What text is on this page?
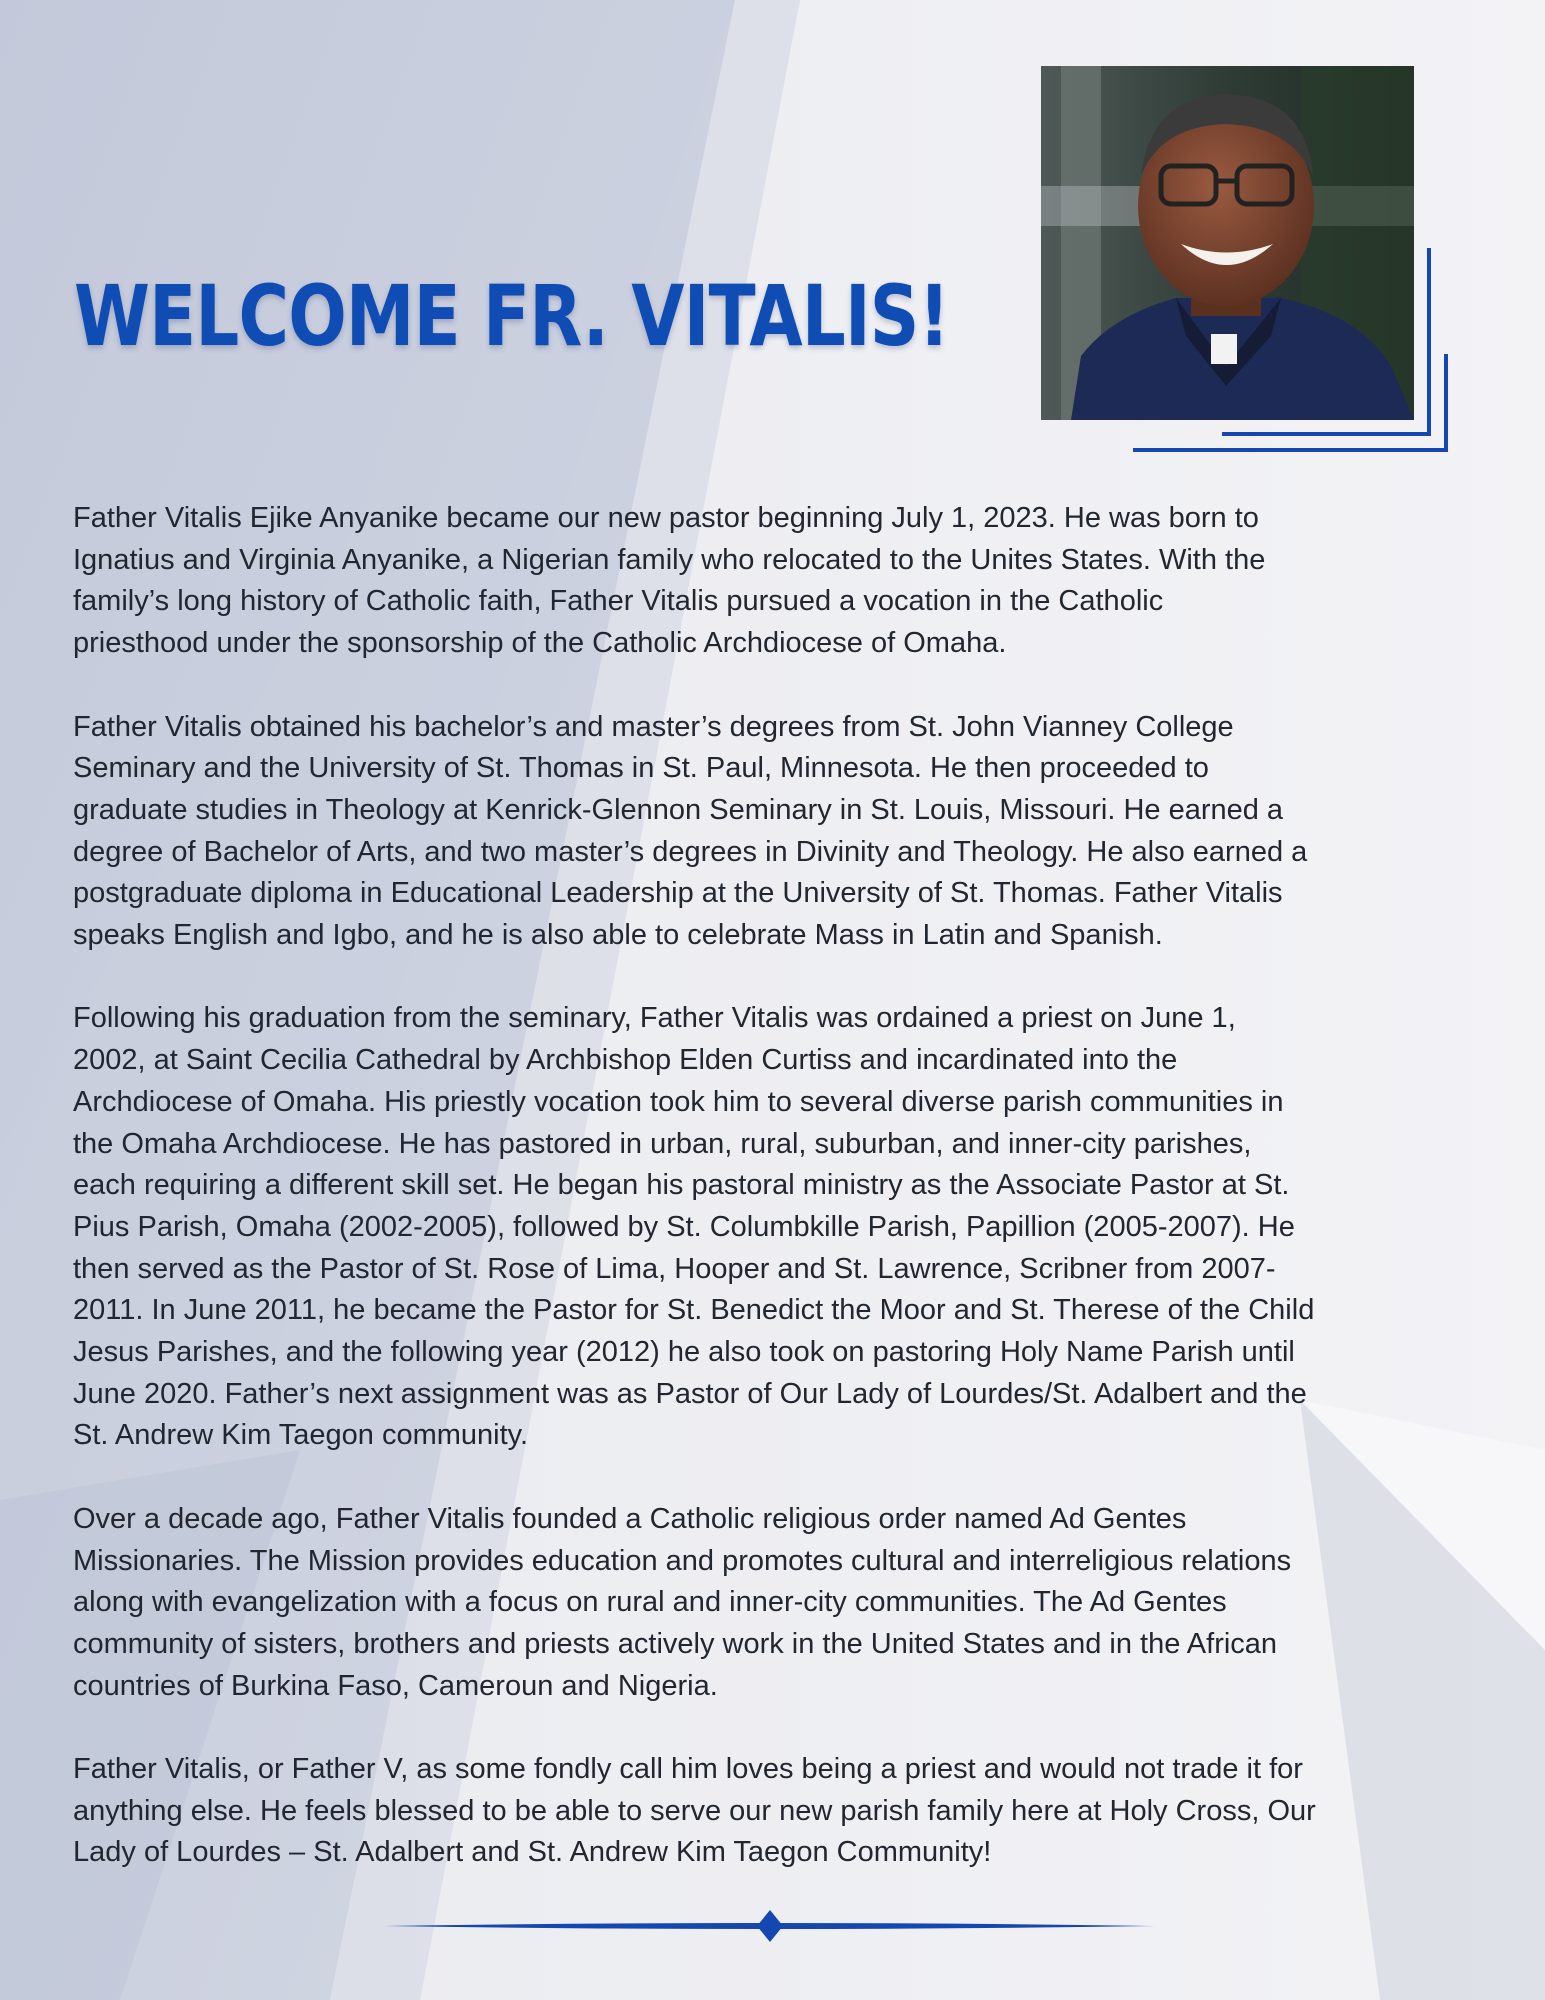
WELCOME FR. VITALIS!

Father Vitalis Ejike Anyanike became our new pastor beginning July 1, 2023. He was born to
Ignatius and Virginia Anyanike, a Nigerian family who relocated to the Unites States. With the
family’s long history of Catholic faith, Father Vitalis pursued a vocation in the Catholic
priesthood under the sponsorship of the Catholic Archdiocese of Omaha.

Father Vitalis obtained his bachelor’s and master’s degrees from St. John Vianney College
Seminary and the University of St. Thomas in St. Paul, Minnesota. He then proceeded to
graduate studies in Theology at Kenrick-Glennon Seminary in St. Louis, Missouri. He earned a
degree of Bachelor of Arts, and two master’s degrees in Divinity and Theology. He also earned a
postgraduate diploma in Educational Leadership at the University of St. Thomas. Father Vitalis
speaks English and Igbo, and he is also able to celebrate Mass in Latin and Spanish.

Following his graduation from the seminary, Father Vitalis was ordained a priest on June 1,
2002, at Saint Cecilia Cathedral by Archbishop Elden Curtiss and incardinated into the
Archdiocese of Omaha. His priestly vocation took him to several diverse parish communities in
the Omaha Archdiocese. He has pastored in urban, rural, suburban, and inner-city parishes,
each requiring a different skill set. He began his pastoral ministry as the Associate Pastor at St.
Pius Parish, Omaha (2002-2005), followed by St. Columbkille Parish, Papillion (2005-2007). He
then served as the Pastor of St. Rose of Lima, Hooper and St. Lawrence, Scribner from 2007-
2011. In June 2011, he became the Pastor for St. Benedict the Moor and St. Therese of the Child
Jesus Parishes, and the following year (2012) he also took on pastoring Holy Name Parish until
June 2020. Father’s next assignment was as Pastor of Our Lady of Lourdes/St. Adalbert and the
St. Andrew Kim Taegon community.

Over a decade ago, Father Vitalis founded a Catholic religious order named Ad Gentes
Missionaries. The Mission provides education and promotes cultural and interreligious relations
along with evangelization with a focus on rural and inner-city communities. The Ad Gentes
community of sisters, brothers and priests actively work in the United States and in the African
countries of Burkina Faso, Cameroun and Nigeria.

Father Vitalis, or Father V, as some fondly call him loves being a priest and would not trade it for
anything else. He feels blessed to be able to serve our new parish family here at Holy Cross, Our
Lady of Lourdes – St. Adalbert and St. Andrew Kim Taegon Community!
